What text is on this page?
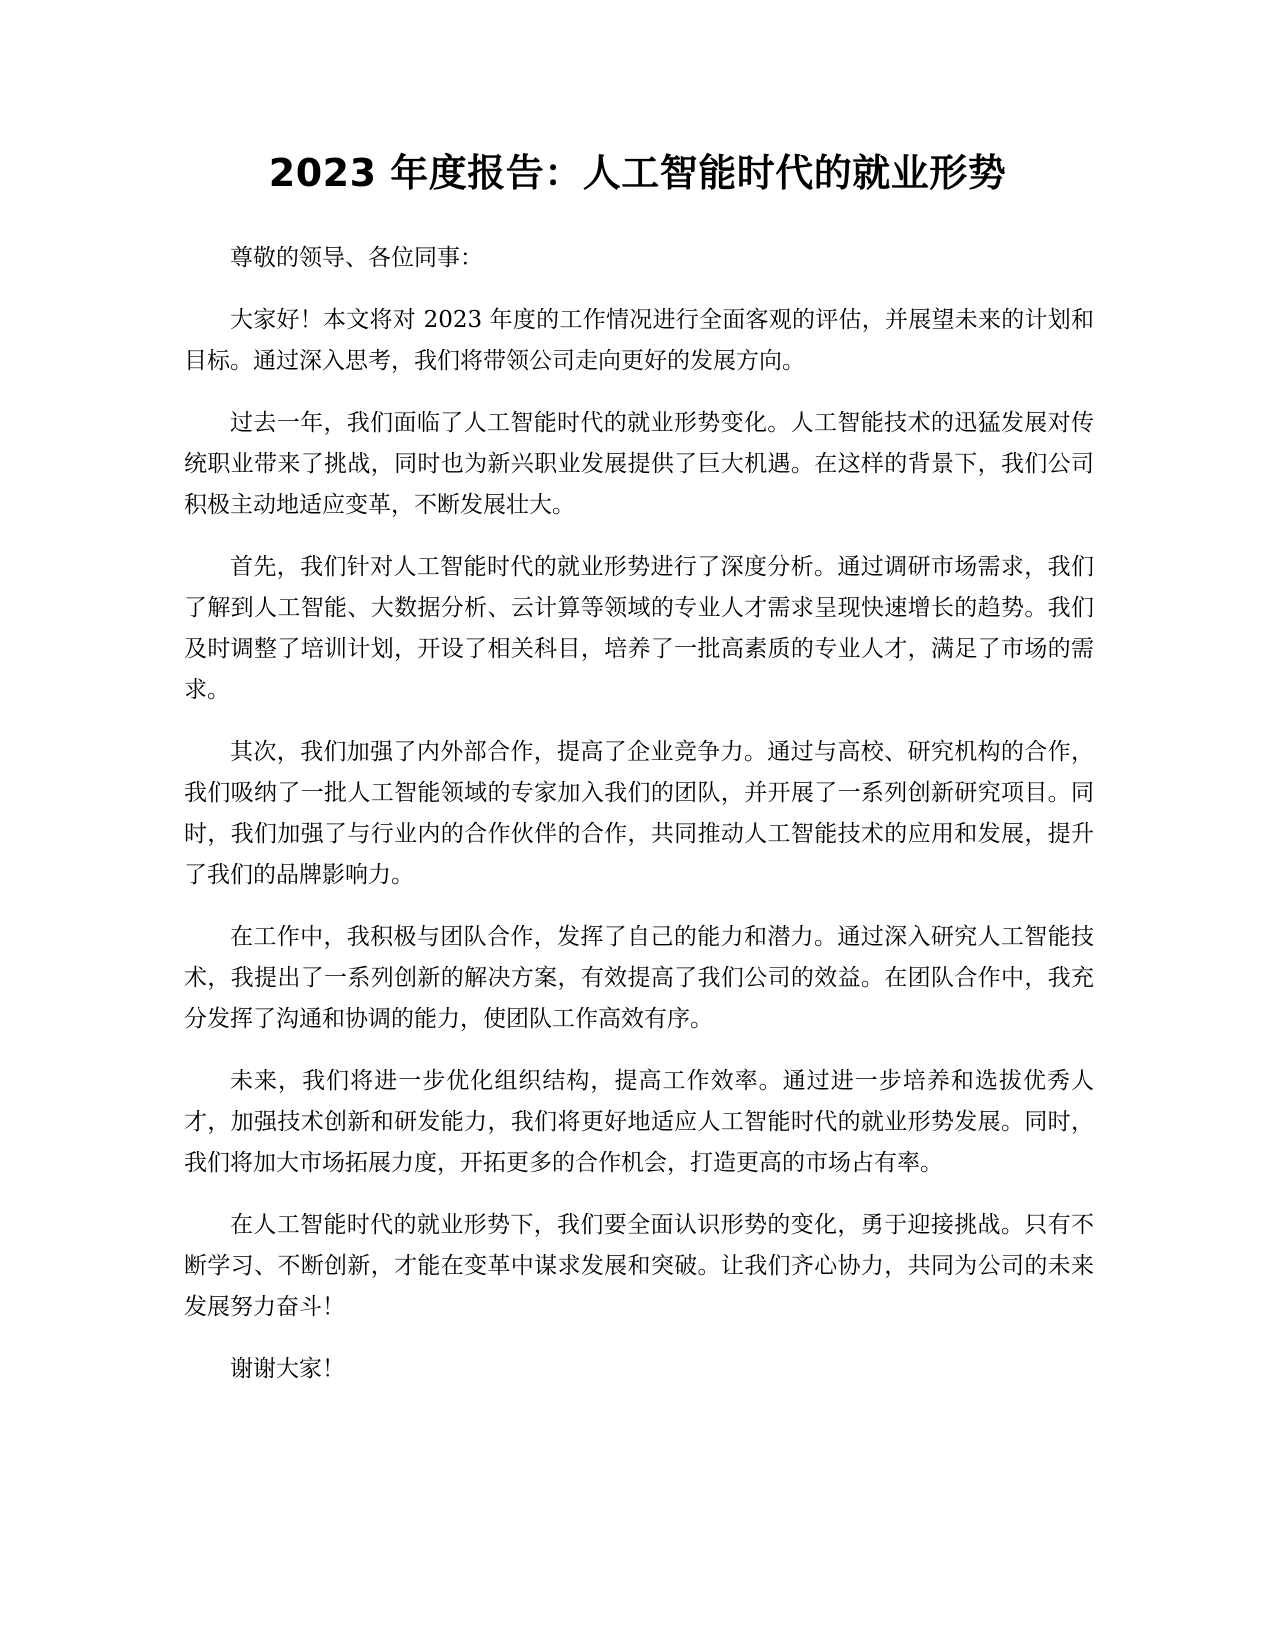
2023 年度报告：人工智能时代的就业形势

尊敬的领导、各位同事：

大家好！本文将对 2023 年度的工作情况进行全面客观的评估，并展望未来的计划和目标。通过深入思考，我们将带领公司走向更好的发展方向。

过去一年，我们面临了人工智能时代的就业形势变化。人工智能技术的迅猛发展对传统职业带来了挑战，同时也为新兴职业发展提供了巨大机遇。在这样的背景下，我们公司积极主动地适应变革，不断发展壮大。

首先，我们针对人工智能时代的就业形势进行了深度分析。通过调研市场需求，我们了解到人工智能、大数据分析、云计算等领域的专业人才需求呈现快速增长的趋势。我们及时调整了培训计划，开设了相关科目，培养了一批高素质的专业人才，满足了市场的需求。

其次，我们加强了内外部合作，提高了企业竞争力。通过与高校、研究机构的合作，我们吸纳了一批人工智能领域的专家加入我们的团队，并开展了一系列创新研究项目。同时，我们加强了与行业内的合作伙伴的合作，共同推动人工智能技术的应用和发展，提升了我们的品牌影响力。

在工作中，我积极与团队合作，发挥了自己的能力和潜力。通过深入研究人工智能技术，我提出了一系列创新的解决方案，有效提高了我们公司的效益。在团队合作中，我充分发挥了沟通和协调的能力，使团队工作高效有序。

未来，我们将进一步优化组织结构，提高工作效率。通过进一步培养和选拔优秀人才，加强技术创新和研发能力，我们将更好地适应人工智能时代的就业形势发展。同时，我们将加大市场拓展力度，开拓更多的合作机会，打造更高的市场占有率。

在人工智能时代的就业形势下，我们要全面认识形势的变化，勇于迎接挑战。只有不断学习、不断创新，才能在变革中谋求发展和突破。让我们齐心协力，共同为公司的未来发展努力奋斗！

谢谢大家！
